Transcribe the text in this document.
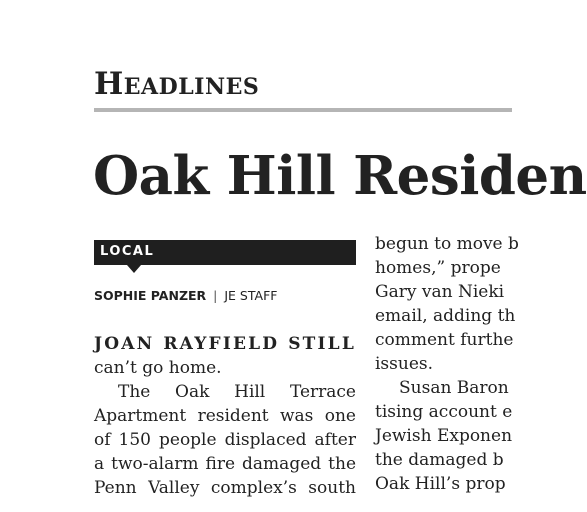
Headlines
Oak Hill Residen
LOCAL
SOPHIE PANZER | JE STAFF
JOAN RAYFIELD STILL
can’t go home.
The Oak Hill Terrace
Apartment resident was one
of 150 people displaced after
a two-alarm fire damaged the
Penn Valley complex’s south
begun to move b
homes,” prope
Gary van Nieki
email, adding th
comment furthe
issues.
Susan Baron
tising account e
Jewish Exponen
the damaged b
Oak Hill’s prop
